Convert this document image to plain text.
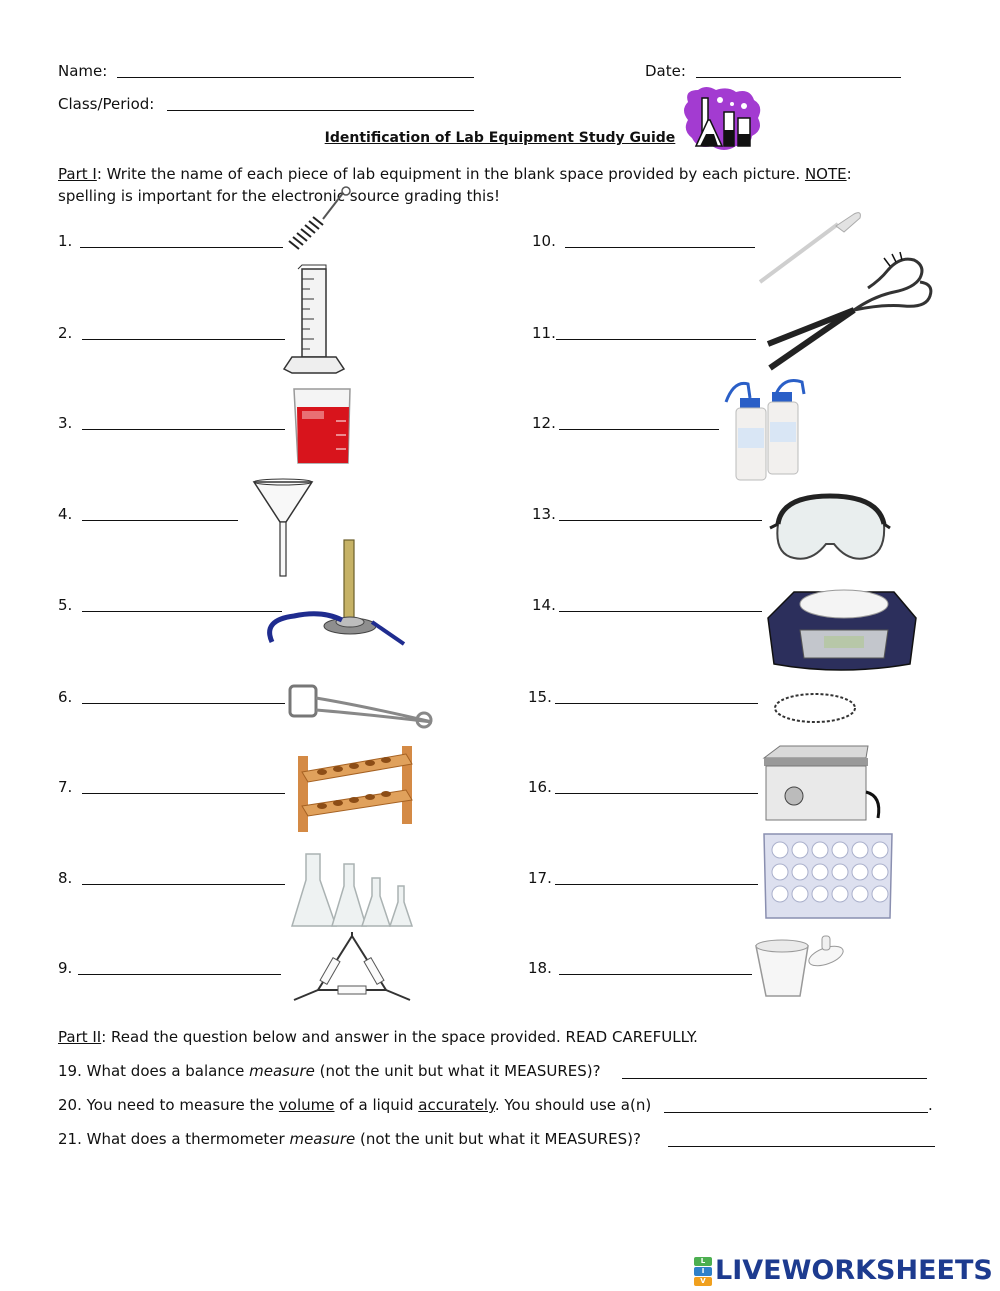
Name:	Date:
Class/Period:
Identification of Lab Equipment Study Guide
Part I: Write the name of each piece of lab equipment in the blank space provided by each picture. NOTE:
spelling is important for the electronic source grading this!
1.
2.
3.
4.
5.
6.
7.
8.
9.
10.
11.
12.
13.
14.
15.
16.
17.
18.
Part II: Read the question below and answer in the space provided. READ CAREFULLY.
19. What does a balance measure (not the unit but what it MEASURES)?
20. You need to measure the volume of a liquid accurately. You should use a(n)	.
21. What does a thermometer measure (not the unit but what it MEASURES)?
L
I
V LIVEWORKSHEETS
